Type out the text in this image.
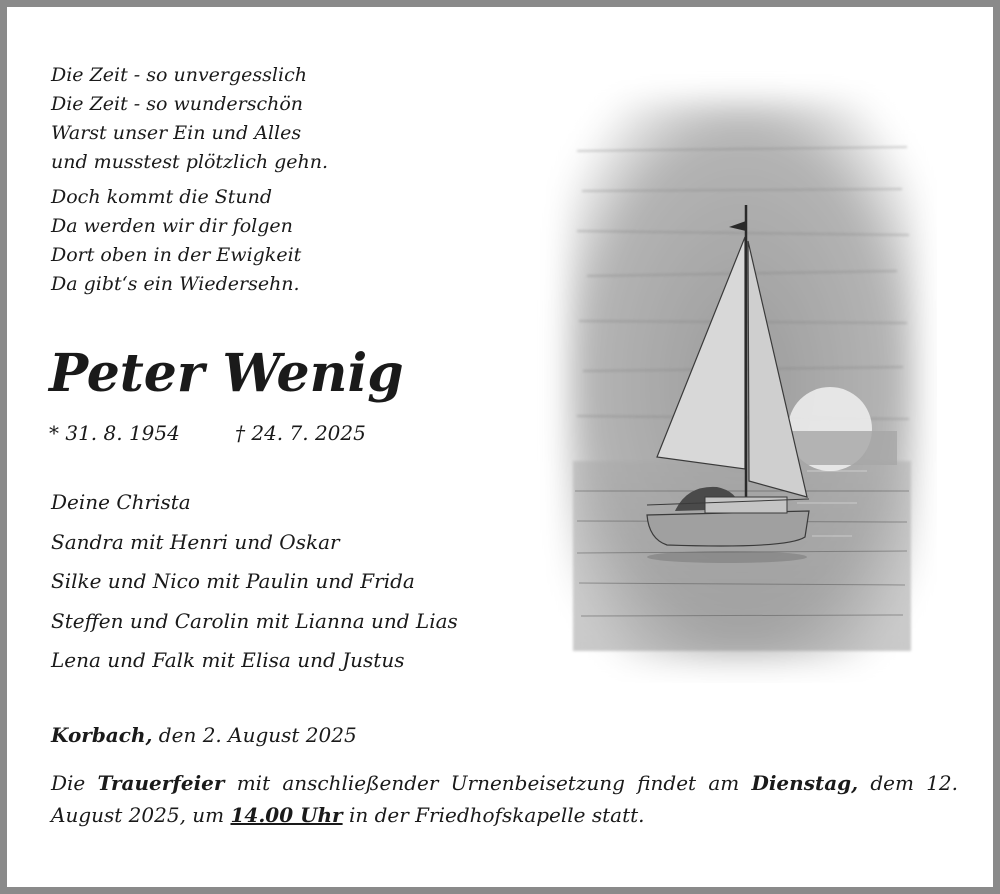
Die Zeit - so unvergesslich
Die Zeit - so wunderschön
Warst unser Ein und Alles
und musstest plötzlich gehn.

Doch kommt die Stund
Da werden wir dir folgen
Dort oben in der Ewigkeit
Da gibt‘s ein Wiedersehn.

Peter Wenig
* 31. 8. 1954	† 24. 7. 2025
Deine Christa
Sandra mit Henri und Oskar
Silke und Nico mit Paulin und Frida
Steffen und Carolin mit Lianna und Lias
Lena und Falk mit Elisa und Justus
Korbach, den 2. August 2025
Die Trauerfeier mit anschließender Urnenbeisetzung findet am Dienstag, dem 12. August 2025, um 14.00 Uhr in der Friedhofskapelle statt.
